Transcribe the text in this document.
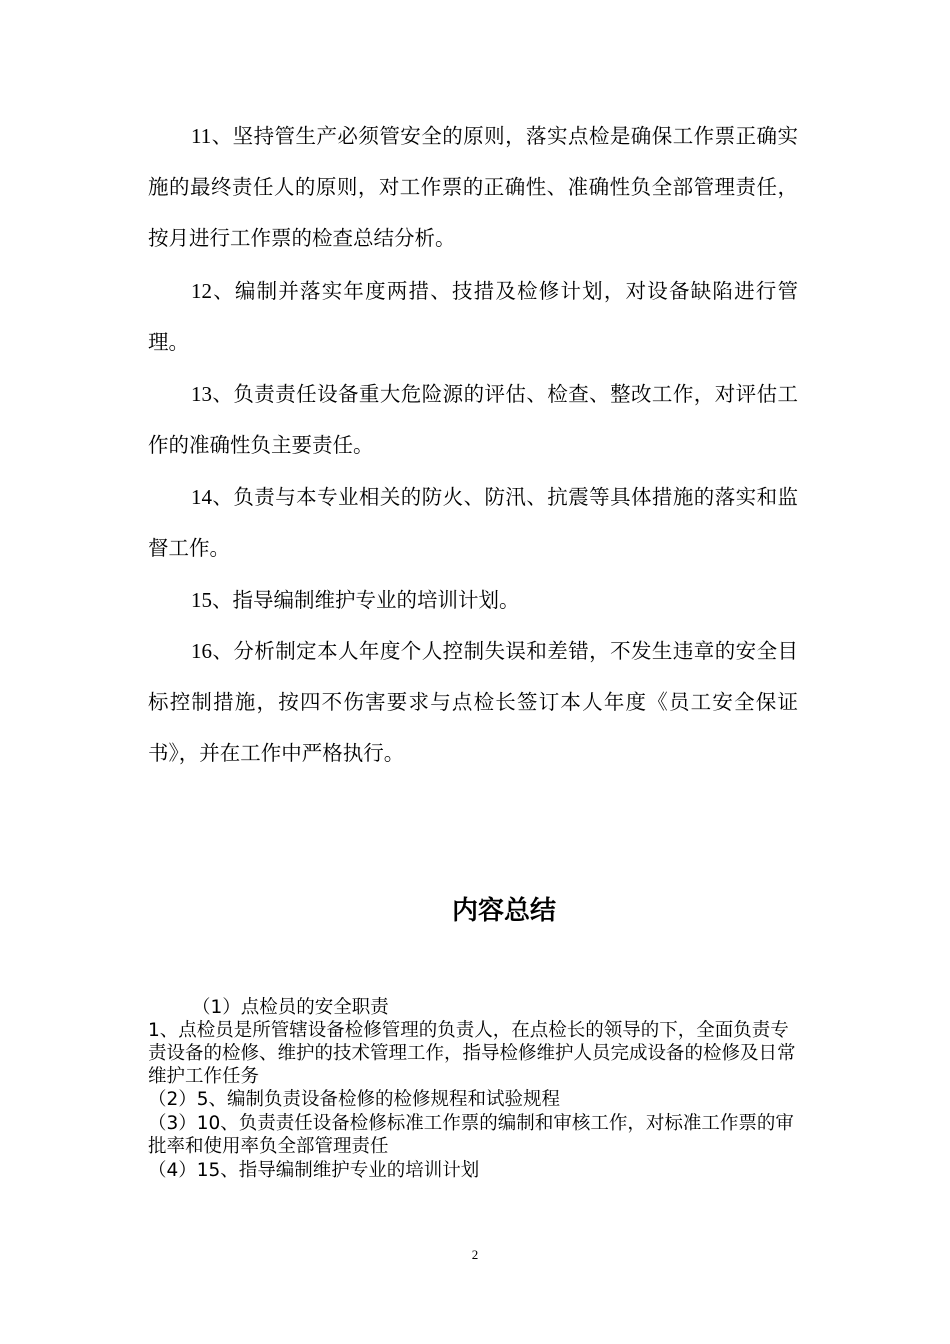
11、坚持管生产必须管安全的原则，落实点检是确保工作票正确实施的最终责任人的原则，对工作票的正确性、准确性负全部管理责任，按月进行工作票的检查总结分析。

12、编制并落实年度两措、技措及检修计划，对设备缺陷进行管理。

13、负责责任设备重大危险源的评估、检查、整改工作，对评估工作的准确性负主要责任。

14、负责与本专业相关的防火、防汛、抗震等具体措施的落实和监督工作。

15、指导编制维护专业的培训计划。

16、分析制定本人年度个人控制失误和差错，不发生违章的安全目标控制措施，按四不伤害要求与点检长签订本人年度《员工安全保证书》，并在工作中严格执行。

内容总结

（1）点检员的安全职责

1、点检员是所管辖设备检修管理的负责人，在点检长的领导的下，全面负责专责设备的检修、维护的技术管理工作，指导检修维护人员完成设备的检修及日常维护工作任务

（2）5、编制负责设备检修的检修规程和试验规程

（3）10、负责责任设备检修标准工作票的编制和审核工作，对标准工作票的审批率和使用率负全部管理责任

（4）15、指导编制维护专业的培训计划

2
